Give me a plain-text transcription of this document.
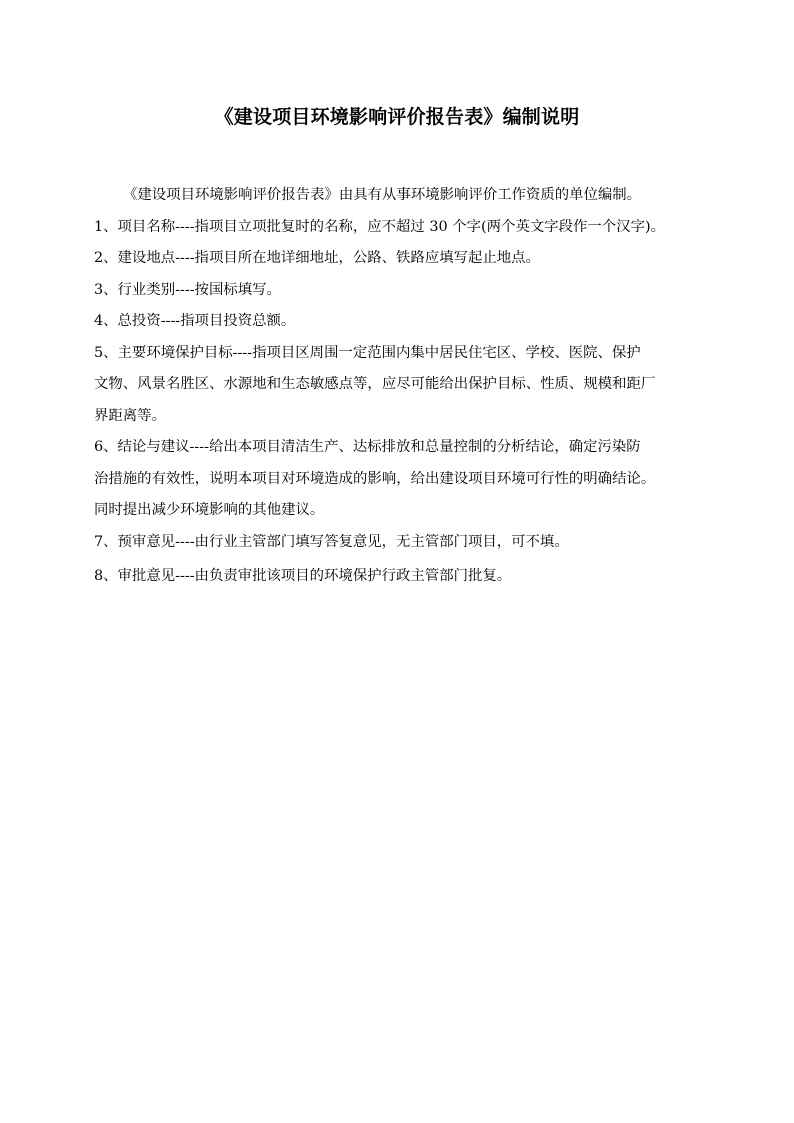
《建设项目环境影响评价报告表》编制说明

《建设项目环境影响评价报告表》由具有从事环境影响评价工作资质的单位编制。

1、项目名称----指项目立项批复时的名称，应不超过 30 个字(两个英文字段作一个汉字)。

2、建设地点----指项目所在地详细地址，公路、铁路应填写起止地点。

3、行业类别----按国标填写。

4、总投资----指项目投资总额。

5、主要环境保护目标----指项目区周围一定范围内集中居民住宅区、学校、医院、保护

文物、风景名胜区、水源地和生态敏感点等，应尽可能给出保护目标、性质、规模和距厂

界距离等。

6、结论与建议----给出本项目清洁生产、达标排放和总量控制的分析结论，确定污染防

治措施的有效性，说明本项目对环境造成的影响，给出建设项目环境可行性的明确结论。

同时提出减少环境影响的其他建议。

7、预审意见----由行业主管部门填写答复意见，无主管部门项目，可不填。

8、审批意见----由负责审批该项目的环境保护行政主管部门批复。
